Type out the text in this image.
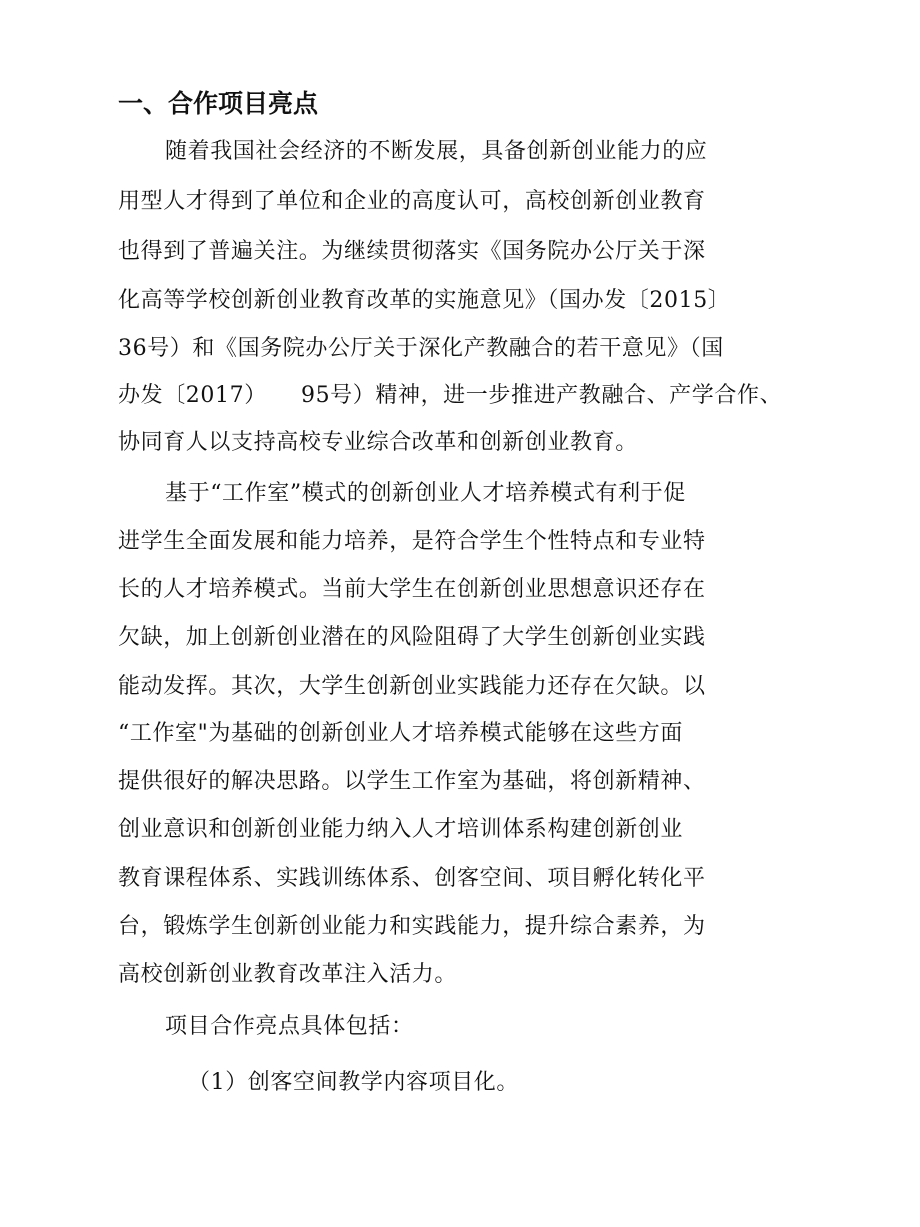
一、合作项目亮点
随着我国社会经济的不断发展，具备创新创业能力的应
用型人才得到了单位和企业的高度认可，高校创新创业教育
也得到了普遍关注。为继续贯彻落实《国务院办公厅关于深
化高等学校创新创业教育改革的实施意见》（国办发〔2015〕
36号）和《国务院办公厅关于深化产教融合的若干意见》（国
办发〔2017）　　95号）精神，进一步推进产教融合、产学合作、
协同育人以支持高校专业综合改革和创新创业教育。
基于“工作室”模式的创新创业人才培养模式有利于促
进学生全面发展和能力培养，是符合学生个性特点和专业特
长的人才培养模式。当前大学生在创新创业思想意识还存在
欠缺，加上创新创业潜在的风险阻碍了大学生创新创业实践
能动发挥。其次，大学生创新创业实践能力还存在欠缺。以
“工作室"为基础的创新创业人才培养模式能够在这些方面
提供很好的解决思路。以学生工作室为基础，将创新精神、
创业意识和创新创业能力纳入人才培训体系构建创新创业
教育课程体系、实践训练体系、创客空间、项目孵化转化平
台，锻炼学生创新创业能力和实践能力，提升综合素养，为
高校创新创业教育改革注入活力。
项目合作亮点具体包括：
（1）创客空间教学内容项目化。
